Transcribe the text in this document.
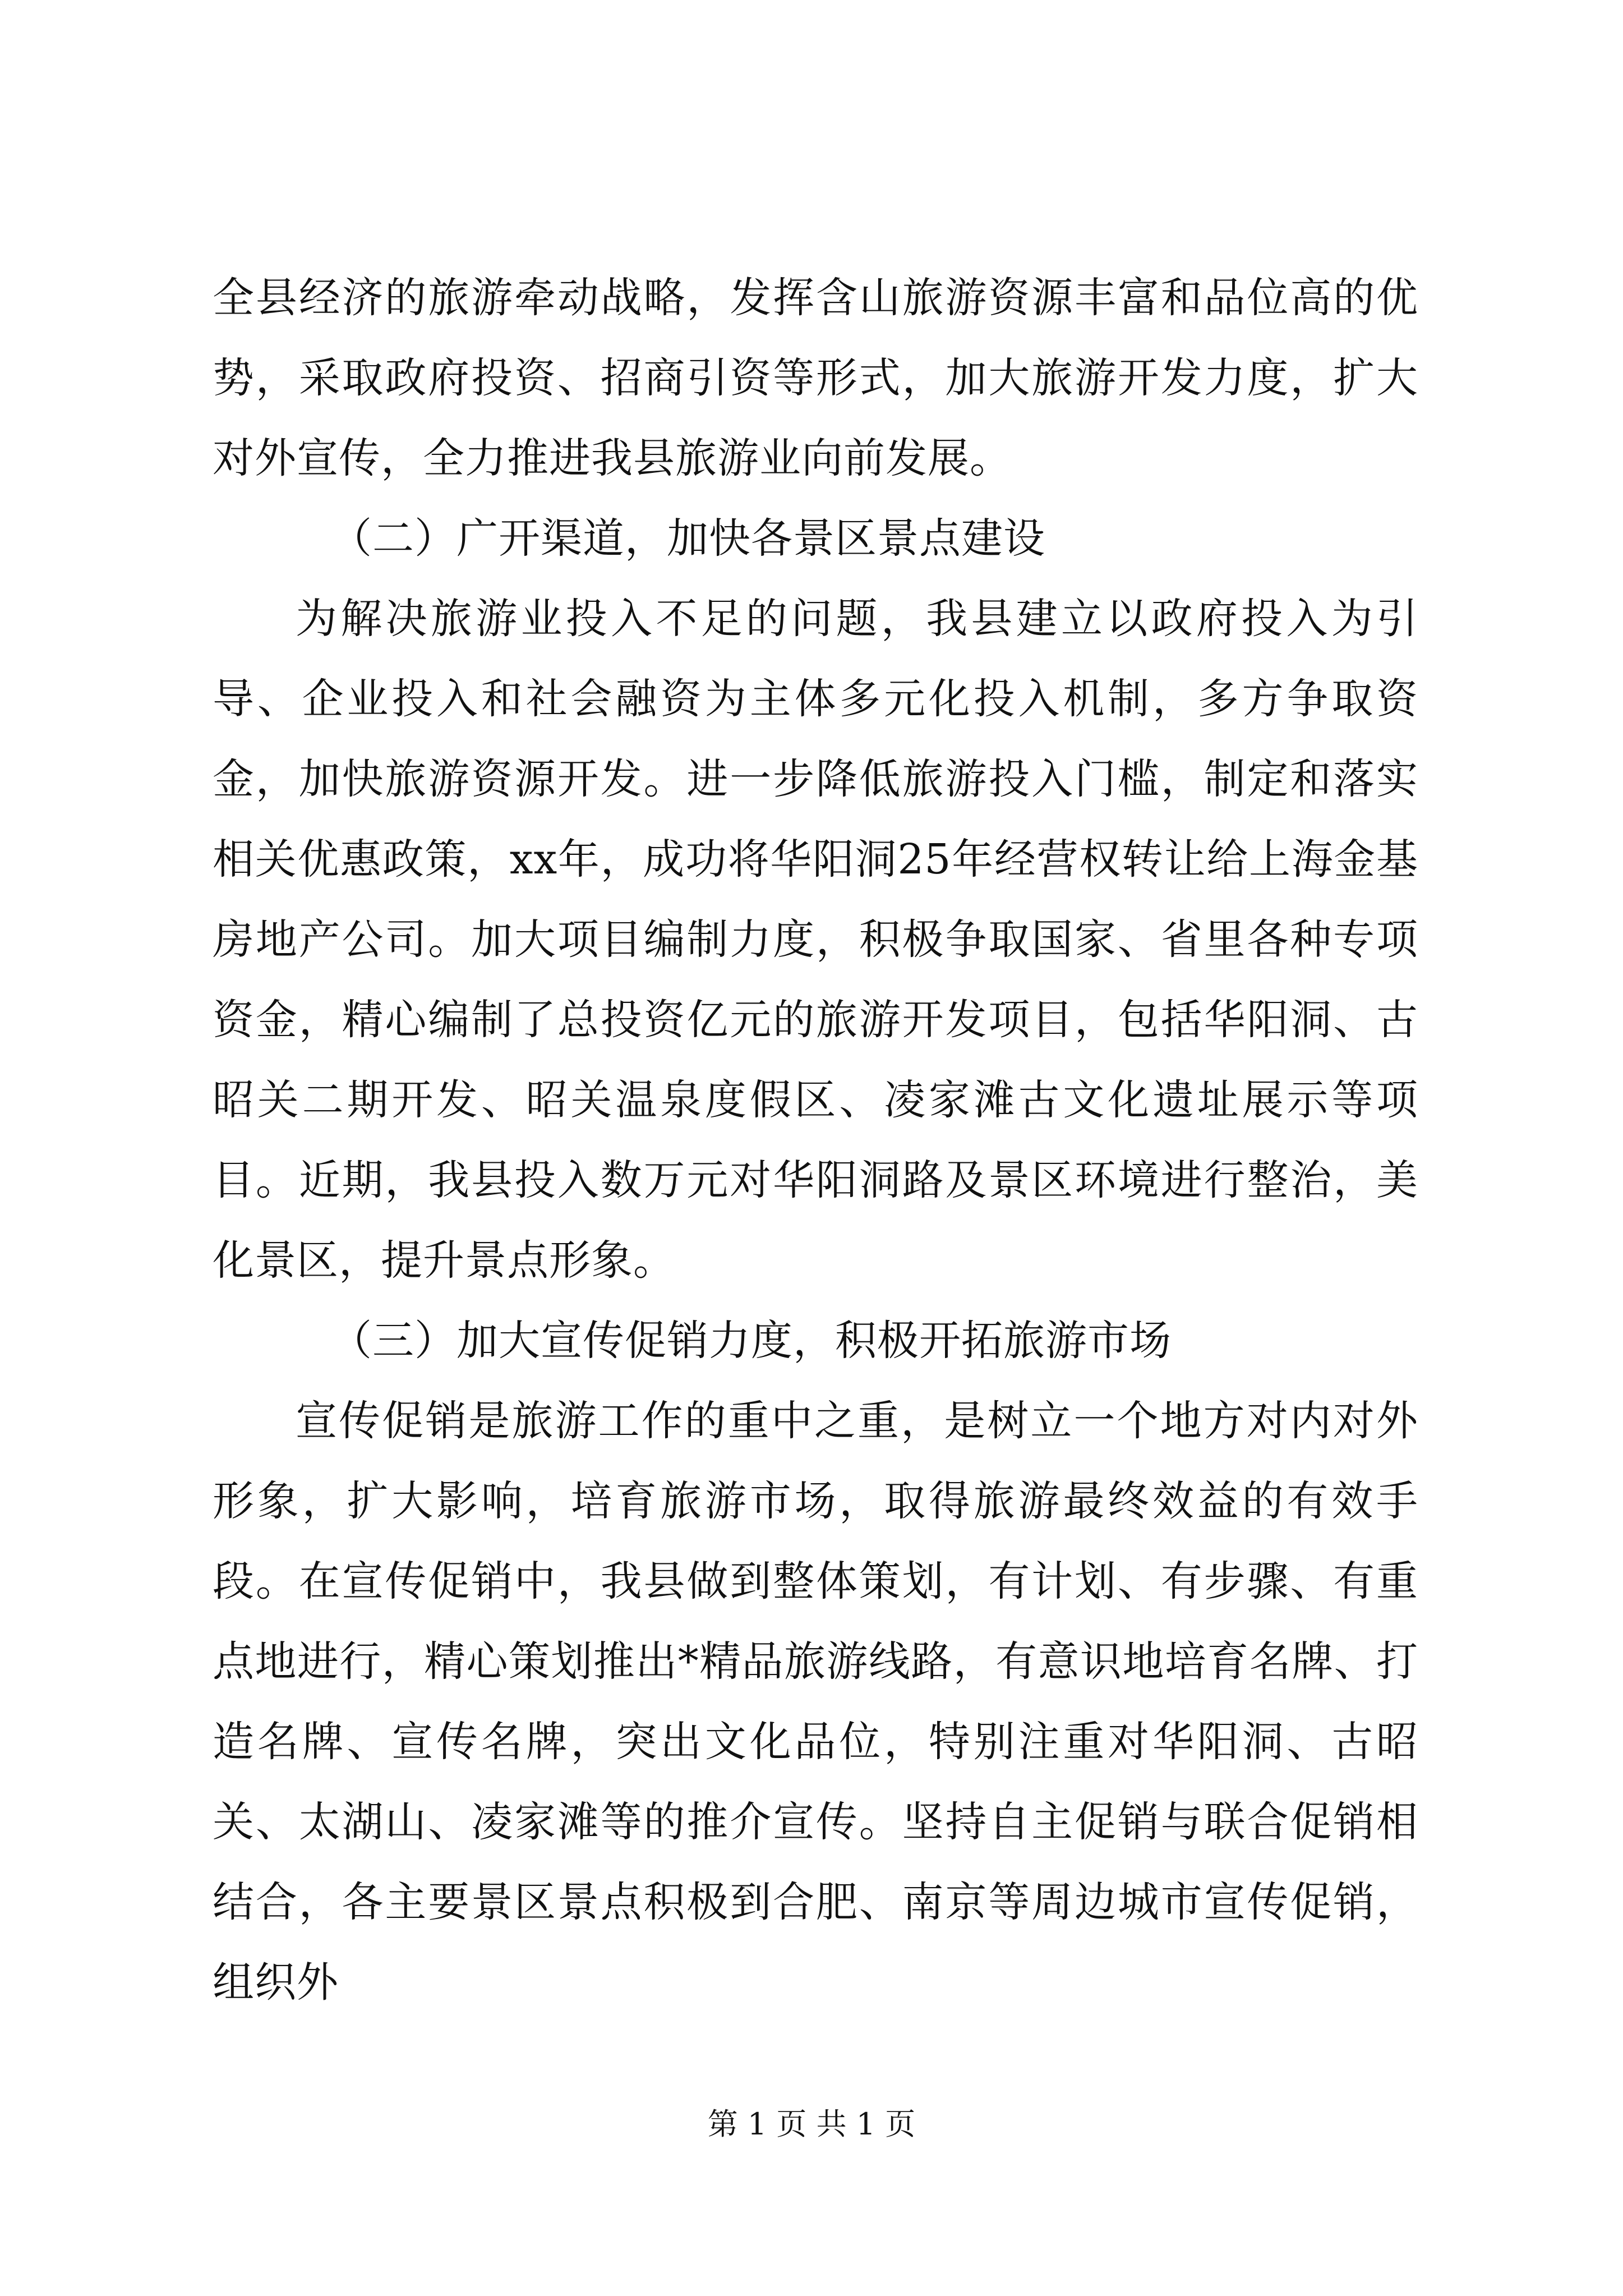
全县经济的旅游牵动战略，发挥含山旅游资源丰富和品位高的优势，采取政府投资、招商引资等形式，加大旅游开发力度，扩大对外宣传，全力推进我县旅游业向前发展。

（二）广开渠道，加快各景区景点建设

为解决旅游业投入不足的问题，我县建立以政府投入为引导、企业投入和社会融资为主体多元化投入机制，多方争取资金，加快旅游资源开发。进一步降低旅游投入门槛，制定和落实相关优惠政策，xx年，成功将华阳洞25年经营权转让给上海金基房地产公司。加大项目编制力度，积极争取国家、省里各种专项资金，精心编制了总投资亿元的旅游开发项目，包括华阳洞、古昭关二期开发、昭关温泉度假区、凌家滩古文化遗址展示等项目。近期，我县投入数万元对华阳洞路及景区环境进行整治，美化景区，提升景点形象。

（三）加大宣传促销力度，积极开拓旅游市场

宣传促销是旅游工作的重中之重，是树立一个地方对内对外形象，扩大影响，培育旅游市场，取得旅游最终效益的有效手段。在宣传促销中，我县做到整体策划，有计划、有步骤、有重点地进行，精心策划推出*精品旅游线路，有意识地培育名牌、打造名牌、宣传名牌，突出文化品位，特别注重对华阳洞、古昭关、太湖山、凌家滩等的推介宣传。坚持自主促销与联合促销相结合，各主要景区景点积极到合肥、南京等周边城市宣传促销，组织外

第 1 页 共 1 页
